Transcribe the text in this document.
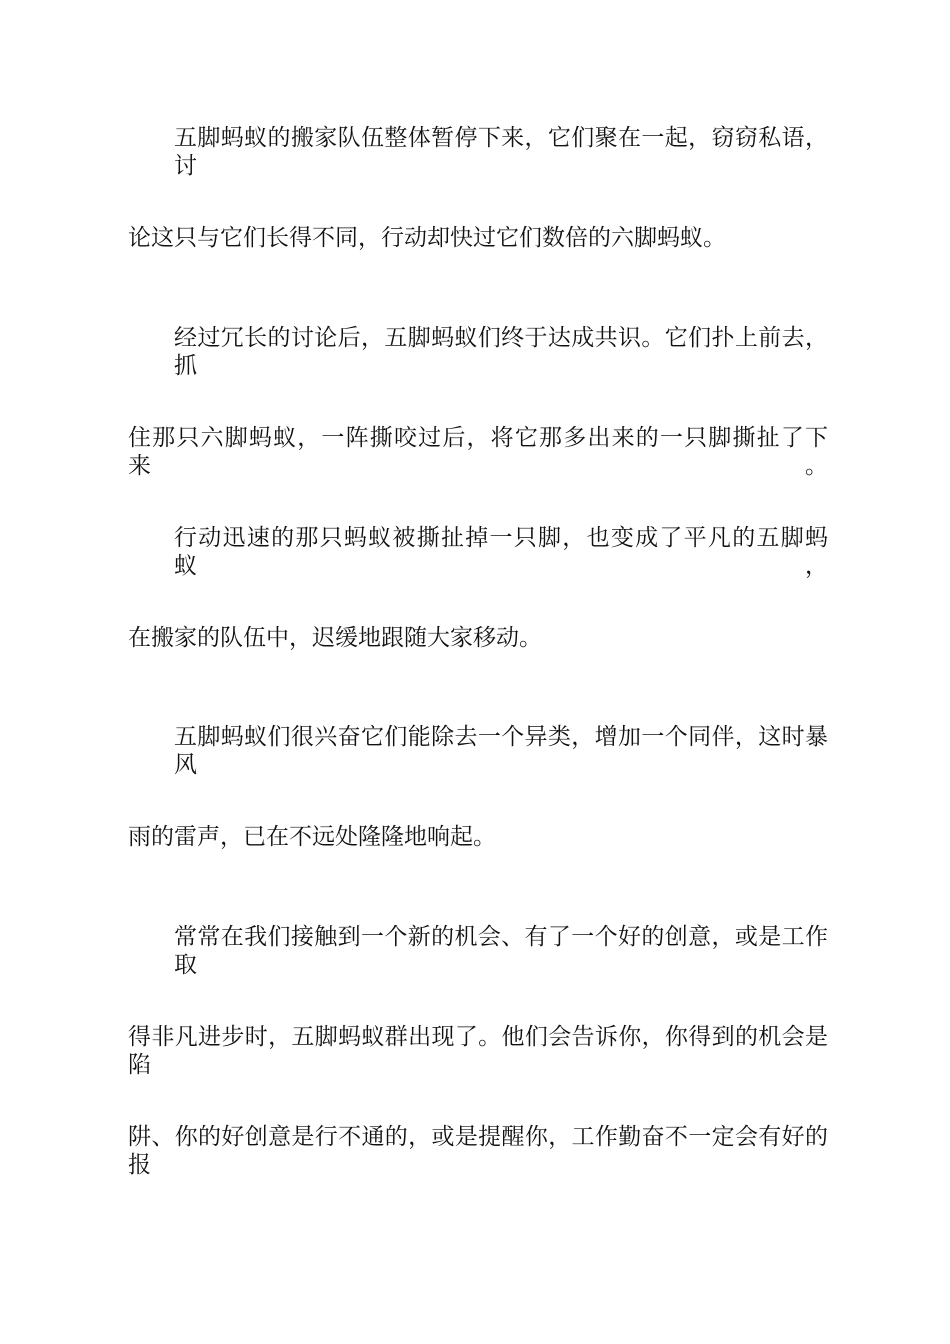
五脚蚂蚁的搬家队伍整体暂停下来，它们聚在一起，窃窃私语，讨
论这只与它们长得不同，行动却快过它们数倍的六脚蚂蚁。
经过冗长的讨论后，五脚蚂蚁们终于达成共识。它们扑上前去，抓
住那只六脚蚂蚁，一阵撕咬过后，将它那多出来的一只脚撕扯了下来。
行动迅速的那只蚂蚁被撕扯掉一只脚，也变成了平凡的五脚蚂蚁，
在搬家的队伍中，迟缓地跟随大家移动。
五脚蚂蚁们很兴奋它们能除去一个异类，增加一个同伴，这时暴风
雨的雷声，已在不远处隆隆地响起。
常常在我们接触到一个新的机会、有了一个好的创意，或是工作取
得非凡进步时，五脚蚂蚁群出现了。他们会告诉你，你得到的机会是陷
阱、你的好创意是行不通的，或是提醒你，工作勤奋不一定会有好的报
